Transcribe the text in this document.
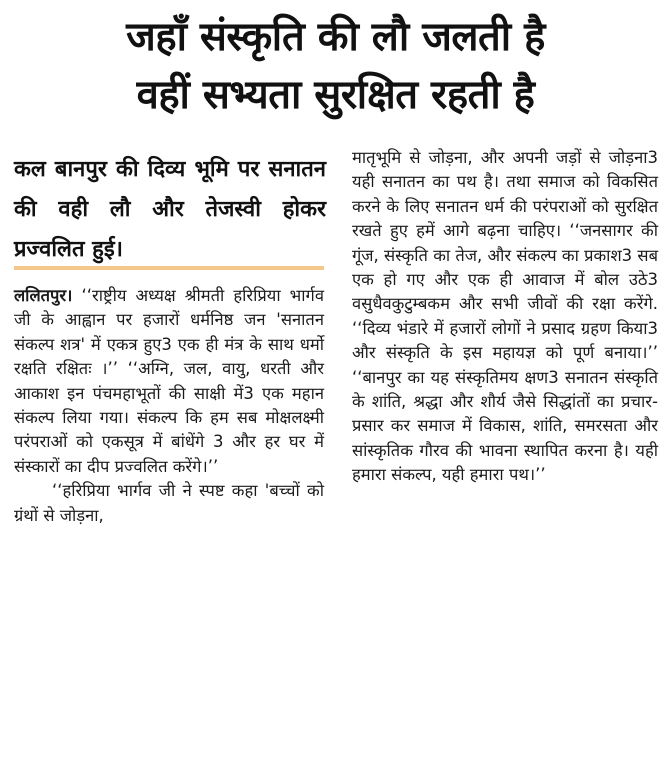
जहाँ संस्कृति की लौ जलती है
वहीं सभ्यता सुरक्षित रहती है
कल बानपुर की दिव्य भूमि पर सनातन की वही लौ और तेजस्वी होकर प्रज्वलित हुई।

ललितपुर। ‘‘राष्ट्रीय अध्यक्ष श्रीमती हरिप्रिया भार्गव जी के आह्वान पर हजारों धर्मनिष्ठ जन 'सनातन संकल्प शत्र' में एकत्र हुए3 एक ही मंत्र के साथ धर्मो रक्षति रक्षितः ।’’ ‘‘अग्नि, जल, वायु, धरती और आकाश इन पंचमहाभूतों की साक्षी में3 एक महान संकल्प लिया गया। संकल्प कि हम सब मोक्षलक्ष्मी परंपराओं को एकसूत्र में बांधेंगे 3 और हर घर में संस्कारों का दीप प्रज्वलित करेंगे।’’

‘‘हरिप्रिया भार्गव जी ने स्पष्ट कहा 'बच्चों को ग्रंथों से जोड़ना,

मातृभूमि से जोड़ना, और अपनी जड़ों से जोड़ना3 यही सनातन का पथ है। तथा समाज को विकसित करने के लिए सनातन धर्म की परंपराओं को सुरक्षित रखते हुए हमें आगे बढ़ना चाहिए। ‘‘जनसागर की गूंज, संस्कृति का तेज, और संकल्प का प्रकाश3 सब एक हो गए और एक ही आवाज में बोल उठे3 वसुधैवकुटुम्बकम और सभी जीवों की रक्षा करेंगे. ‘‘दिव्य भंडारे में हजारों लोगों ने प्रसाद ग्रहण किया3 और संस्कृति के इस महायज्ञ को पूर्ण बनाया।’’ ‘‘बानपुर का यह संस्कृतिमय क्षण3 सनातन संस्कृति के शांति, श्रद्धा और शौर्य जैसे सिद्धांतों का प्रचार-प्रसार कर समाज में विकास, शांति, समरसता और सांस्कृतिक गौरव की भावना स्थापित करना है। यही हमारा संकल्प, यही हमारा पथ।’’
